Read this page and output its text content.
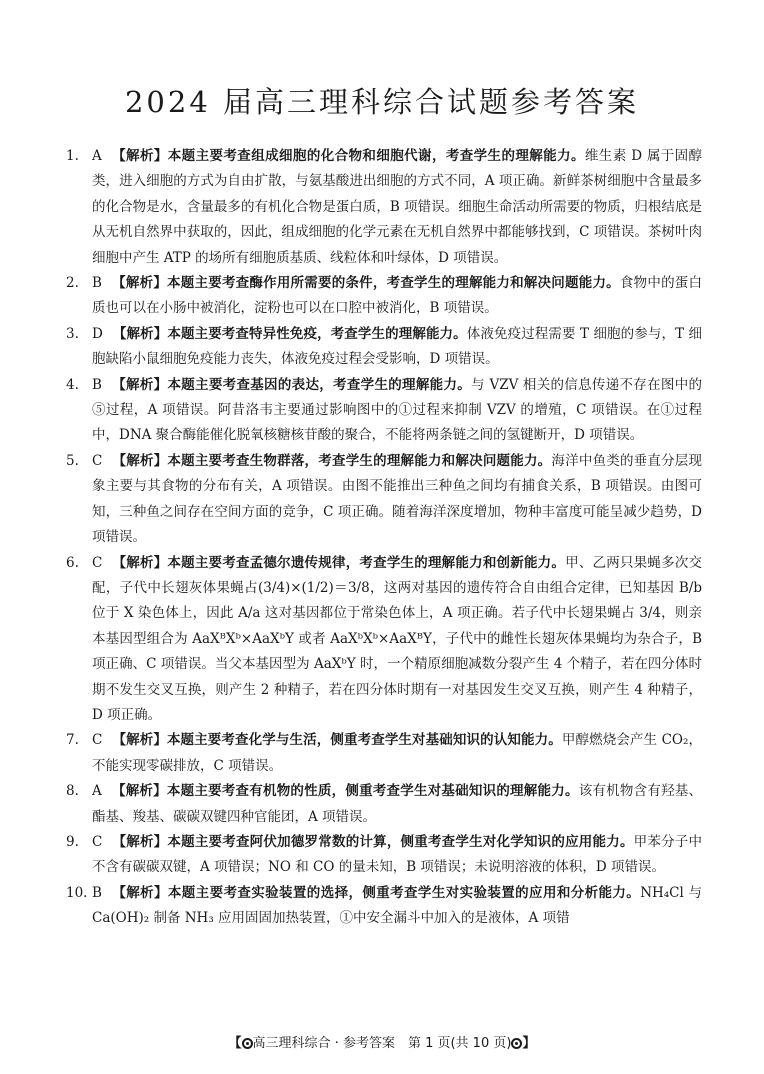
2024 届高三理科综合试题参考答案

1. A 【解析】本题主要考查组成细胞的化合物和细胞代谢，考查学生的理解能力。维生素 D 属于固醇类，进入细胞的方式为自由扩散，与氨基酸进出细胞的方式不同，A 项正确。新鲜茶树细胞中含量最多的化合物是水，含量最多的有机化合物是蛋白质，B 项错误。细胞生命活动所需要的物质，归根结底是从无机自然界中获取的，因此，组成细胞的化学元素在无机自然界中都能够找到，C 项错误。茶树叶肉细胞中产生 ATP 的场所有细胞质基质、线粒体和叶绿体，D 项错误。

2. B 【解析】本题主要考查酶作用所需要的条件，考查学生的理解能力和解决问题能力。食物中的蛋白质也可以在小肠中被消化，淀粉也可以在口腔中被消化，B 项错误。

3. D 【解析】本题主要考查特异性免疫，考查学生的理解能力。体液免疫过程需要 T 细胞的参与，T 细胞缺陷小鼠细胞免疫能力丧失，体液免疫过程会受影响，D 项错误。

4. B 【解析】本题主要考查基因的表达，考查学生的理解能力。与 VZV 相关的信息传递不存在图中的⑤过程，A 项错误。阿昔洛韦主要通过影响图中的①过程来抑制 VZV 的增殖，C 项错误。在①过程中，DNA 聚合酶能催化脱氧核糖核苷酸的聚合，不能将两条链之间的氢键断开，D 项错误。

5. C 【解析】本题主要考查生物群落，考查学生的理解能力和解决问题能力。海洋中鱼类的垂直分层现象主要与其食物的分布有关，A 项错误。由图不能推出三种鱼之间均有捕食关系，B 项错误。由图可知，三种鱼之间存在空间方面的竞争，C 项正确。随着海洋深度增加，物种丰富度可能呈减少趋势，D 项错误。

6. C 【解析】本题主要考查孟德尔遗传规律，考查学生的理解能力和创新能力。甲、乙两只果蝇多次交配，子代中长翅灰体果蝇占(3/4)×(1/2)＝3/8，这两对基因的遗传符合自由组合定律，已知基因 B/b 位于 X 染色体上，因此 A/a 这对基因都位于常染色体上，A 项正确。若子代中长翅果蝇占 3/4，则亲本基因型组合为 AaXᴮXᵇ×AaXᵇY 或者 AaXᵇXᵇ×AaXᴮY，子代中的雌性长翅灰体果蝇均为杂合子，B 项正确、C 项错误。当父本基因型为 AaXᵇY 时，一个精原细胞减数分裂产生 4 个精子，若在四分体时期不发生交叉互换，则产生 2 种精子，若在四分体时期有一对基因发生交叉互换，则产生 4 种精子，D 项正确。

7. C 【解析】本题主要考查化学与生活，侧重考查学生对基础知识的认知能力。甲醇燃烧会产生 CO₂，不能实现零碳排放，C 项错误。

8. A 【解析】本题主要考查有机物的性质，侧重考查学生对基础知识的理解能力。该有机物含有羟基、酯基、羧基、碳碳双键四种官能团，A 项错误。

9. C 【解析】本题主要考查阿伏加德罗常数的计算，侧重考查学生对化学知识的应用能力。甲苯分子中不含有碳碳双键，A 项错误；NO 和 CO 的量未知，B 项错误；未说明溶液的体积，D 项错误。

10. B 【解析】本题主要考查实验装置的选择，侧重考查学生对实验装置的应用和分析能力。NH₄Cl 与 Ca(OH)₂ 制备 NH₃ 应用固固加热装置，①中安全漏斗中加入的是液体，A 项错

【 高三理科综合 · 参考答案　第 1 页(共 10 页) 】
